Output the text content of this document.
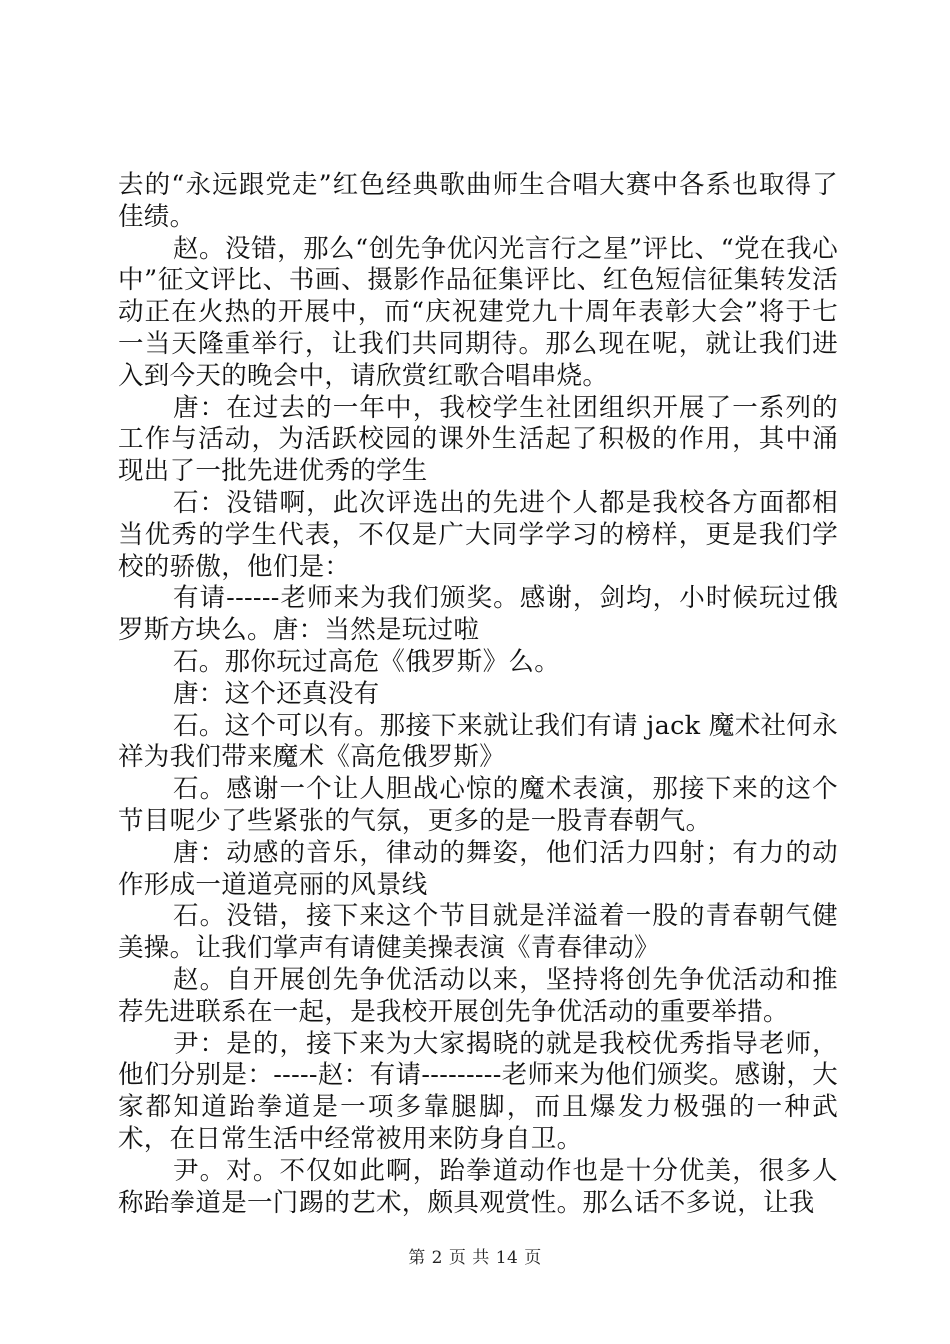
去的“永远跟党走”红色经典歌曲师生合唱大赛中各系也取得了佳绩。

赵。没错，那么“创先争优闪光言行之星”评比、“党在我心中”征文评比、书画、摄影作品征集评比、红色短信征集转发活动正在火热的开展中，而“庆祝建党九十周年表彰大会”将于七一当天隆重举行，让我们共同期待。那么现在呢，就让我们进入到今天的晚会中，请欣赏红歌合唱串烧。

唐：在过去的一年中，我校学生社团组织开展了一系列的工作与活动，为活跃校园的课外生活起了积极的作用，其中涌现出了一批先进优秀的学生

石：没错啊，此次评选出的先进个人都是我校各方面都相当优秀的学生代表，不仅是广大同学学习的榜样，更是我们学校的骄傲，他们是：

有请------老师来为我们颁奖。感谢，剑均，小时候玩过俄罗斯方块么。唐：当然是玩过啦

石。那你玩过高危《俄罗斯》么。

唐：这个还真没有

石。这个可以有。那接下来就让我们有请 jack 魔术社何永祥为我们带来魔术《高危俄罗斯》

石。感谢一个让人胆战心惊的魔术表演，那接下来的这个节目呢少了些紧张的气氛，更多的是一股青春朝气。

唐：动感的音乐，律动的舞姿，他们活力四射；有力的动作形成一道道亮丽的风景线

石。没错，接下来这个节目就是洋溢着一股的青春朝气健美操。让我们掌声有请健美操表演《青春律动》

赵。自开展创先争优活动以来，坚持将创先争优活动和推荐先进联系在一起，是我校开展创先争优活动的重要举措。

尹：是的，接下来为大家揭晓的就是我校优秀指导老师，他们分别是：-----赵：有请---------老师来为他们颁奖。感谢，大家都知道跆拳道是一项多靠腿脚，而且爆发力极强的一种武术，在日常生活中经常被用来防身自卫。

尹。对。不仅如此啊，跆拳道动作也是十分优美，很多人称跆拳道是一门踢的艺术，颇具观赏性。那么话不多说，让我

第 2 页 共 14 页
